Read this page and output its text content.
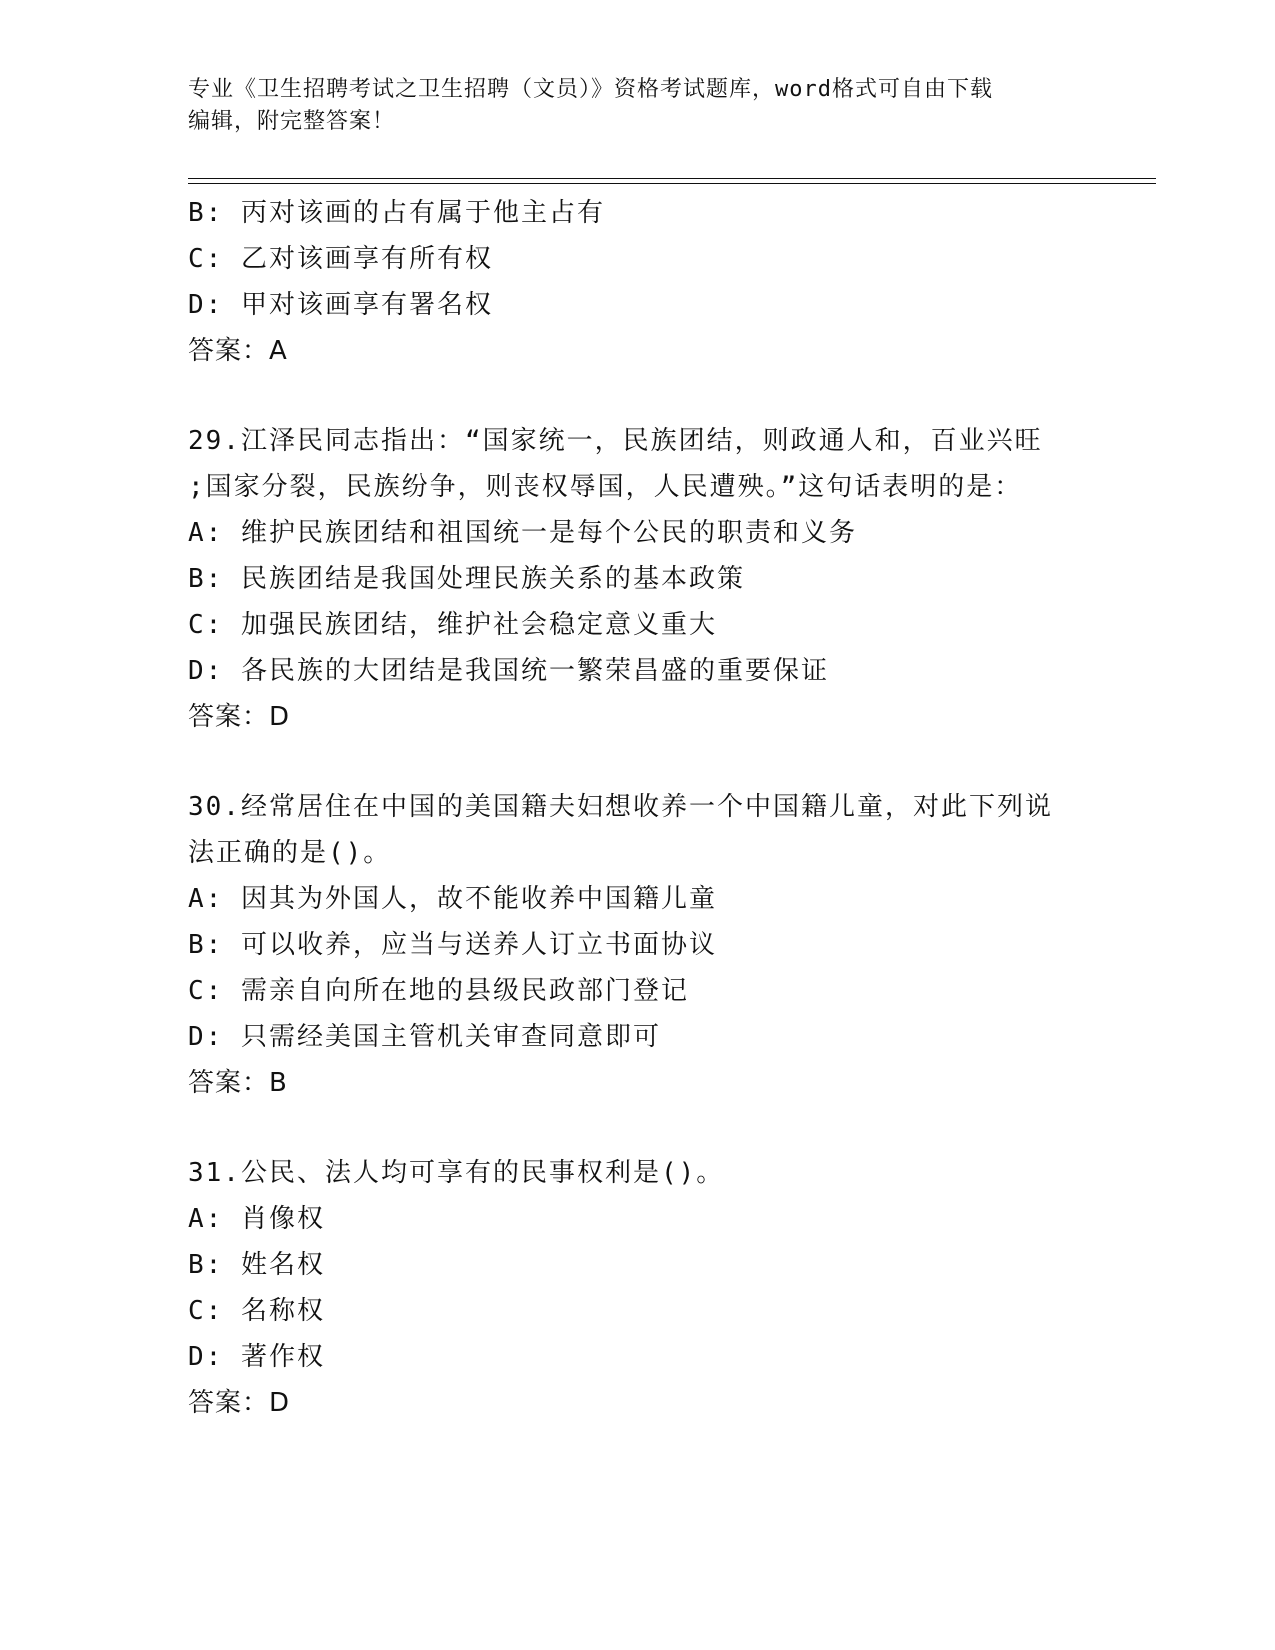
专业《卫生招聘考试之卫生招聘（文员）》资格考试题库，word格式可自由下载
编辑，附完整答案！
B: 丙对该画的占有属于他主占有
C: 乙对该画享有所有权
D: 甲对该画享有署名权
答案：A
29.江泽民同志指出：“国家统一，民族团结，则政通人和，百业兴旺
;国家分裂，民族纷争，则丧权辱国，人民遭殃。”这句话表明的是：
A: 维护民族团结和祖国统一是每个公民的职责和义务
B: 民族团结是我国处理民族关系的基本政策
C: 加强民族团结，维护社会稳定意义重大
D: 各民族的大团结是我国统一繁荣昌盛的重要保证
答案：D
30.经常居住在中国的美国籍夫妇想收养一个中国籍儿童，对此下列说
法正确的是()。
A: 因其为外国人，故不能收养中国籍儿童
B: 可以收养，应当与送养人订立书面协议
C: 需亲自向所在地的县级民政部门登记
D: 只需经美国主管机关审查同意即可
答案：B
31.公民、法人均可享有的民事权利是()。
A: 肖像权
B: 姓名权
C: 名称权
D: 著作权
答案：D
